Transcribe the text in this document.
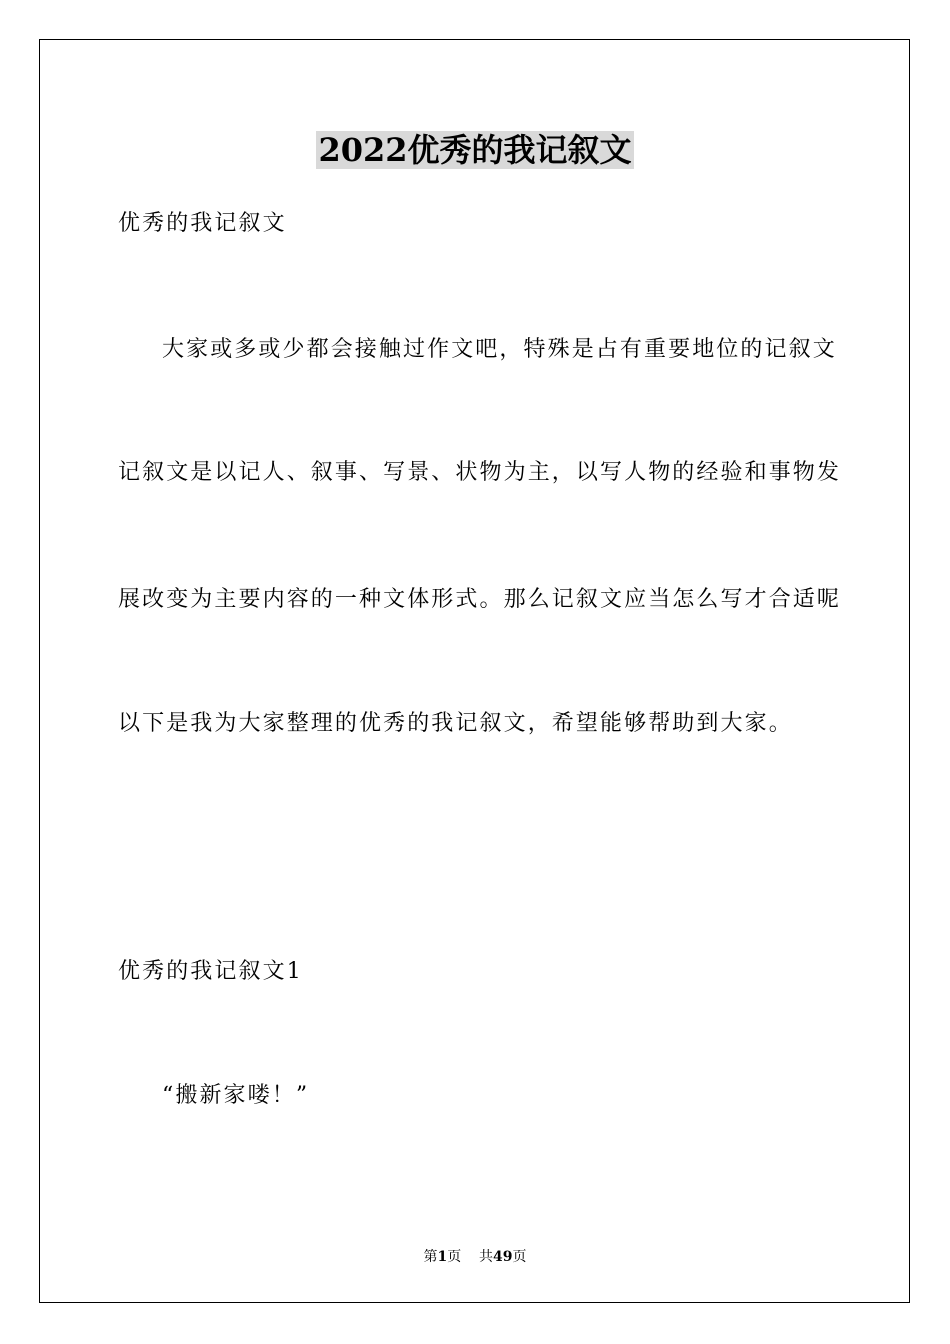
2022优秀的我记叙文
优秀的我记叙文
大家或多或少都会接触过作文吧，特殊是占有重要地位的记叙文
记叙文是以记人、叙事、写景、状物为主，以写人物的经验和事物发
展改变为主要内容的一种文体形式。那么记叙文应当怎么写才合适呢
以下是我为大家整理的优秀的我记叙文，希望能够帮助到大家。
优秀的我记叙文1
“搬新家喽！”
第1页 共49页
